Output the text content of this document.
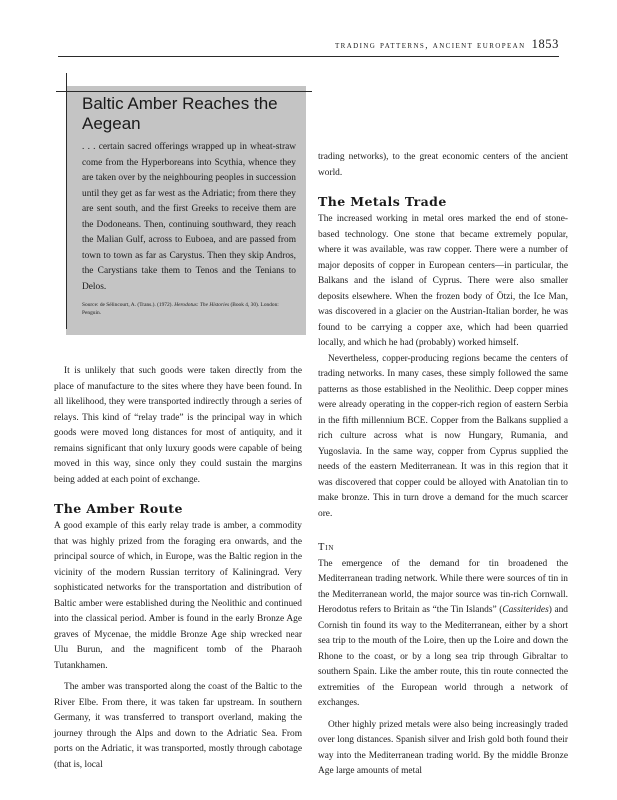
trading patterns, ancient european 1853
Baltic Amber Reaches the Aegean

. . . certain sacred offerings wrapped up in wheat-straw come from the Hyperboreans into Scythia, whence they are taken over by the neighbouring peoples in succession until they get as far west as the Adriatic; from there they are sent south, and the first Greeks to receive them are the Dodoneans. Then, continuing southward, they reach the Malian Gulf, across to Euboea, and are passed from town to town as far as Carystus. Then they skip Andros, the Carystians take them to Tenos and the Tenians to Delos.

Source: de Sélincourt, A. (Trans.). (1972). Herodotus: The Histories (Book 4, 30). London: Penguin.

It is unlikely that such goods were taken directly from the place of manufacture to the sites where they have been found. In all likelihood, they were transported indirectly through a series of relays. This kind of “relay trade” is the principal way in which goods were moved long distances for most of antiquity, and it remains significant that only luxury goods were capable of being moved in this way, since only they could sustain the margins being added at each point of exchange.

The Amber Route

A good example of this early relay trade is amber, a commodity that was highly prized from the foraging era onwards, and the principal source of which, in Europe, was the Baltic region in the vicinity of the modern Russian territory of Kaliningrad. Very sophisticated networks for the transportation and distribution of Baltic amber were established during the Neolithic and continued into the classical period. Amber is found in the early Bronze Age graves of Mycenae, the middle Bronze Age ship wrecked near Ulu Burun, and the magnificent tomb of the Pharaoh Tutankhamen.

The amber was transported along the coast of the Baltic to the River Elbe. From there, it was taken far upstream. In southern Germany, it was transferred to transport overland, making the journey through the Alps and down to the Adriatic Sea. From ports on the Adriatic, it was transported, mostly through cabotage (that is, local

trading networks), to the great economic centers of the ancient world.

The Metals Trade

The increased working in metal ores marked the end of stone-based technology. One stone that became extremely popular, where it was available, was raw copper. There were a number of major deposits of copper in European centers—in particular, the Balkans and the island of Cyprus. There were also smaller deposits elsewhere. When the frozen body of Ötzi, the Ice Man, was discovered in a glacier on the Austrian-Italian border, he was found to be carrying a copper axe, which had been quarried locally, and which he had (probably) worked himself.

Nevertheless, copper-producing regions became the centers of trading networks. In many cases, these simply followed the same patterns as those established in the Neolithic. Deep copper mines were already operating in the copper-rich region of eastern Serbia in the fifth millennium BCE. Copper from the Balkans supplied a rich culture across what is now Hungary, Rumania, and Yugoslavia. In the same way, copper from Cyprus supplied the needs of the eastern Mediterranean. It was in this region that it was discovered that copper could be alloyed with Anatolian tin to make bronze. This in turn drove a demand for the much scarcer ore.

Tin

The emergence of the demand for tin broadened the Mediterranean trading network. While there were sources of tin in the Mediterranean world, the major source was tin-rich Cornwall. Herodotus refers to Britain as “the Tin Islands” (Cassiterides) and Cornish tin found its way to the Mediterranean, either by a short sea trip to the mouth of the Loire, then up the Loire and down the Rhone to the coast, or by a long sea trip through Gibraltar to southern Spain. Like the amber route, this tin route connected the extremities of the European world through a network of exchanges.

Other highly prized metals were also being increasingly traded over long distances. Spanish silver and Irish gold both found their way into the Mediterranean trading world. By the middle Bronze Age large amounts of metal
